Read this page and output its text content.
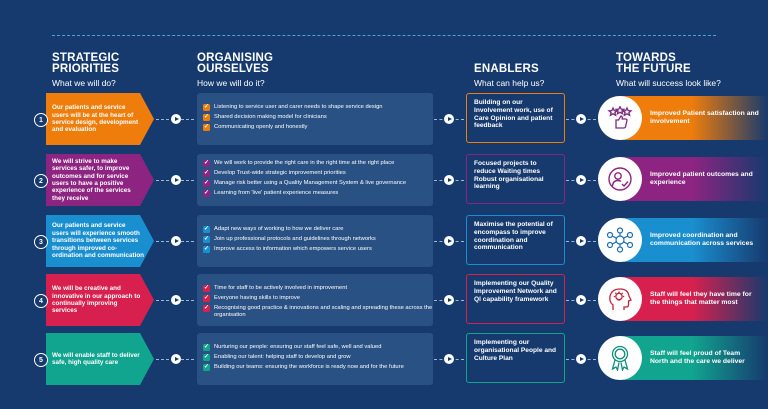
STRATEGIC
PRIORITIES
What we will do?
ORGANISING
OURSELVES
How we will do it?
ENABLERS
What can help us?
TOWARDS
THE FUTURE
What will success look like?
Our patients and service users will be at the heart of service design, development and evaluation
1
✓ Listening to service user and carer needs to shape service design
✓ Shared decision making model for clinicians
✓ Communicating openly and honestly
Building on our Involvement work, use of Care Opinion and patient feedback
Improved Patient satisfaction and involvement
We will strive to make services safer, to improve outcomes and for service users to have a positive experience of the services they receive
2
✓ We will work to provide the right care in the right time at the right place
✓ Develop Trust-wide strategic improvement priorities
✓ Manage risk better using a Quality Management System & live governance
✓ Learning from 'live' patient experience measures
Focused projects to reduce Waiting times Robust organisational learning
Improved patient outcomes and experience
Our patients and service users will experience smooth transitions between services through improved co-ordination and communication
3
✓ Adapt new ways of working to how we deliver care
✓ Join up professional protocols and guidelines through networks
✓ Improve access to information which empowers service users
Maximise the potential of encompass to improve coordination and communication
Improved coordination and communication across services
We will be creative and innovative in our approach to continually improving services
4
✓ Time for staff to be actively involved in improvement
✓ Everyone having skills to improve
✓ Recognising good practice & innovations and scaling and spreading these across the organisation
Implementing our Quality Improvement Network and QI capability framework
Staff will feel they have time for the things that matter most
We will enable staff to deliver safe, high quality care
5
✓ Nurturing our people: ensuring our staff feel safe, well and valued
✓ Enabling our talent: helping staff to develop and grow
✓ Building our teams: ensuring the workforce is ready now and for the future
Implementing our organisational People and Culture Plan
Staff will feel proud of Team North and the care we deliver
